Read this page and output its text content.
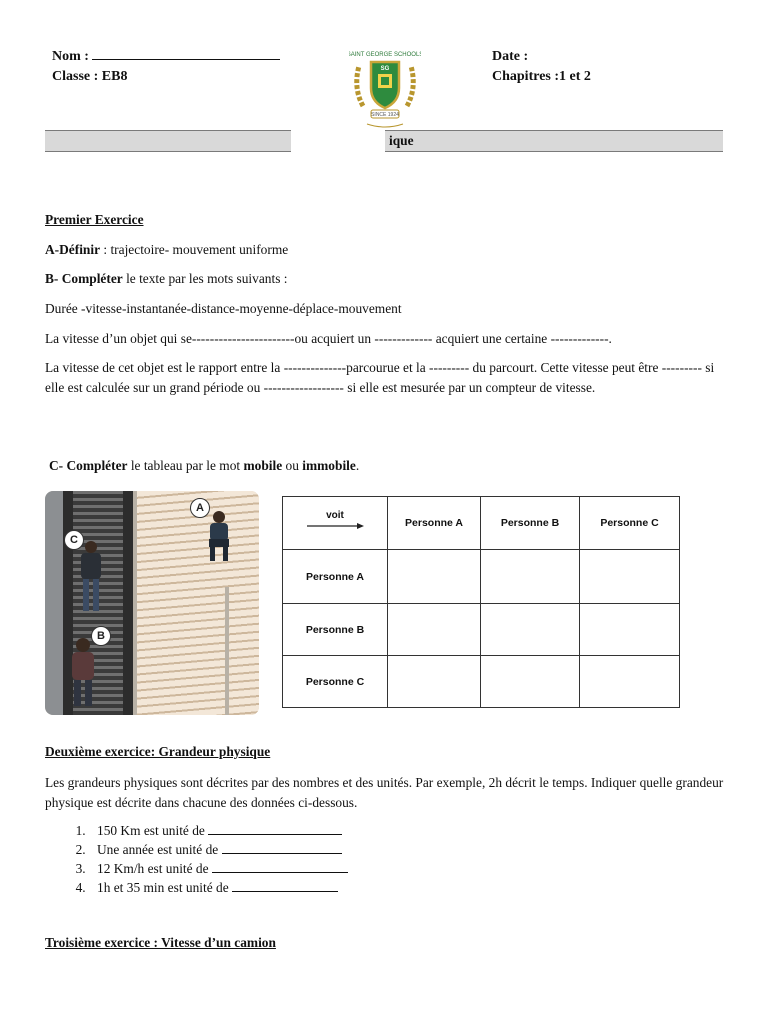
Nom :
Classe : EB8
SAINT GEORGE SCHOOLS
SG
SINCE 1924
Date :
Chapitres :1 et 2
ique

Premier Exercice

A-Définir : trajectoire- mouvement uniforme

B- Compléter le texte par les mots suivants :

Durée -vitesse-instantanée-distance-moyenne-déplace-mouvement

La vitesse d’un objet qui se-----------------------ou acquiert un ------------- acquiert une certaine -------------.

La vitesse de cet objet est le rapport entre la --------------parcourue et la --------- du parcourt. Cette vitesse peut être --------- si elle est calculée sur un grand période ou ------------------ si elle est mesurée par un compteur de vitesse.

C- Compléter le tableau par le mot mobile ou immobile.

A
C
B
voit	Personne A	Personne B	Personne C
Personne A			
Personne B			
Personne C			

Deuxième exercice: Grandeur physique

Les grandeurs physiques sont décrites par des nombres et des unités. Par exemple, 2h décrit le temps. Indiquer quelle grandeur physique est décrite dans chacune des données ci-dessous.

1. 150 Km est unité de
2. Une année est unité de
3. 12 Km/h est unité de
4. 1h et 35 min est unité de

Troisième exercice : Vitesse d’un camion
